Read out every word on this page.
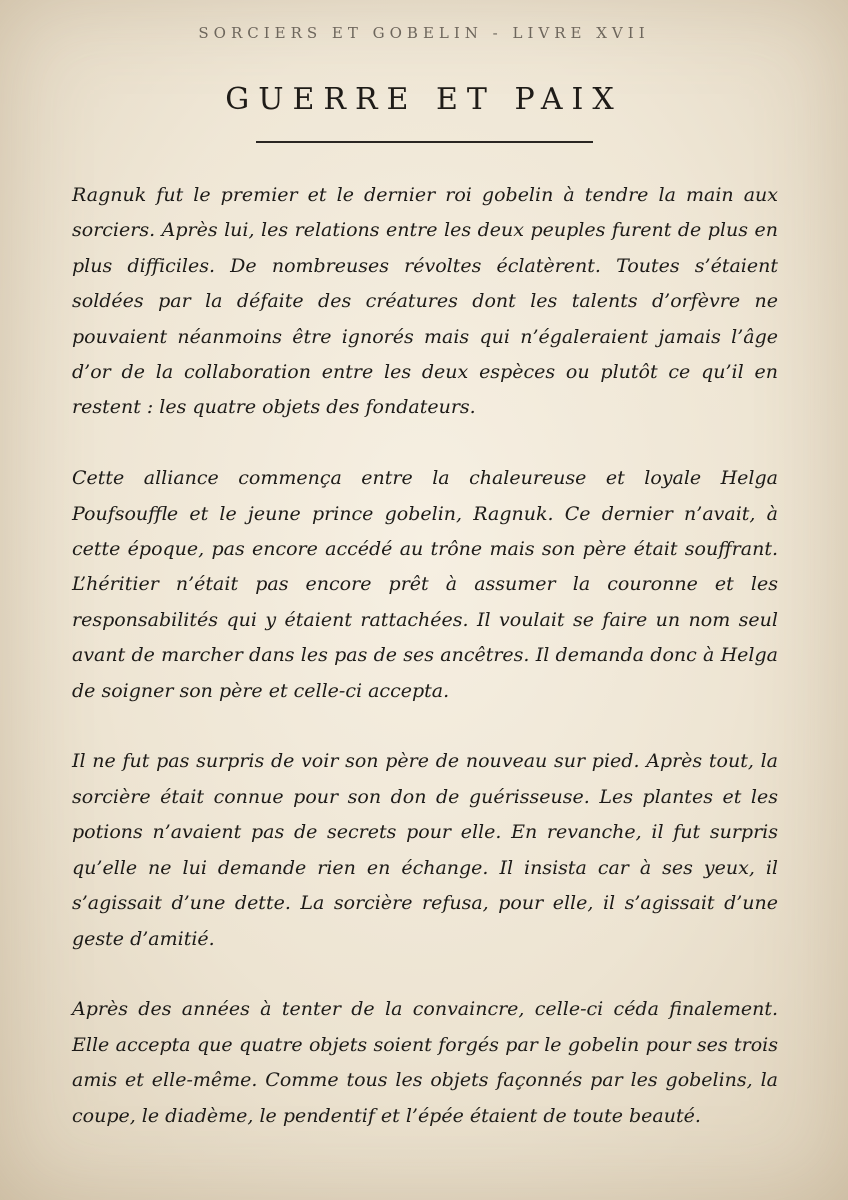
SORCIERS ET GOBELIN - LIVRE XVII
GUERRE ET PAIX

Ragnuk fut le premier et le dernier roi gobelin à tendre la main aux sorciers. Après lui, les relations entre les deux peuples furent de plus en plus difficiles. De nombreuses révoltes éclatèrent. Toutes s’étaient soldées par la défaite des créatures dont les talents d’orfèvre ne pouvaient néanmoins être ignorés mais qui n’égaleraient jamais l’âge d’or de la collaboration entre les deux espèces ou plutôt ce qu’il en restent : les quatre objets des fondateurs.

Cette alliance commença entre la chaleureuse et loyale Helga Poufsouffle et le jeune prince gobelin, Ragnuk. Ce dernier n’avait, à cette époque, pas encore accédé au trône mais son père était souffrant. L’héritier n’était pas encore prêt à assumer la couronne et les responsabilités qui y étaient rattachées. Il voulait se faire un nom seul avant de marcher dans les pas de ses ancêtres. Il demanda donc à Helga de soigner son père et celle-ci accepta.

Il ne fut pas surpris de voir son père de nouveau sur pied. Après tout, la sorcière était connue pour son don de guérisseuse. Les plantes et les potions n’avaient pas de secrets pour elle. En revanche, il fut surpris qu’elle ne lui demande rien en échange. Il insista car à ses yeux, il s’agissait d’une dette. La sorcière refusa, pour elle, il s’agissait d’une geste d’amitié.

Après des années à tenter de la convaincre, celle-ci céda finalement. Elle accepta que quatre objets soient forgés par le gobelin pour ses trois amis et elle-même. Comme tous les objets façonnés par les gobelins, la coupe, le diadème, le pendentif et l’épée étaient de toute beauté.
